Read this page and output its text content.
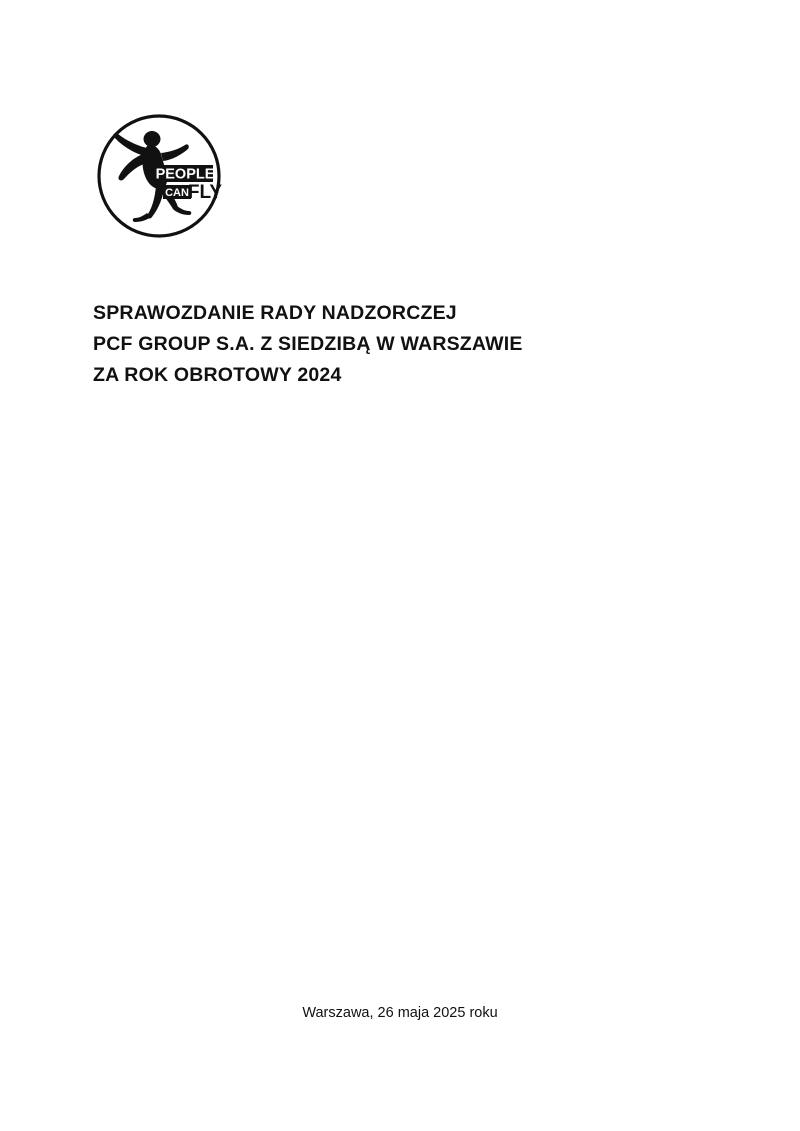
PEOPLE
CAN FLY
SPRAWOZDANIE RADY NADZORCZEJ
PCF GROUP S.A. Z SIEDZIBĄ W WARSZAWIE
ZA ROK OBROTOWY 2024
Warszawa, 26 maja 2025 roku
